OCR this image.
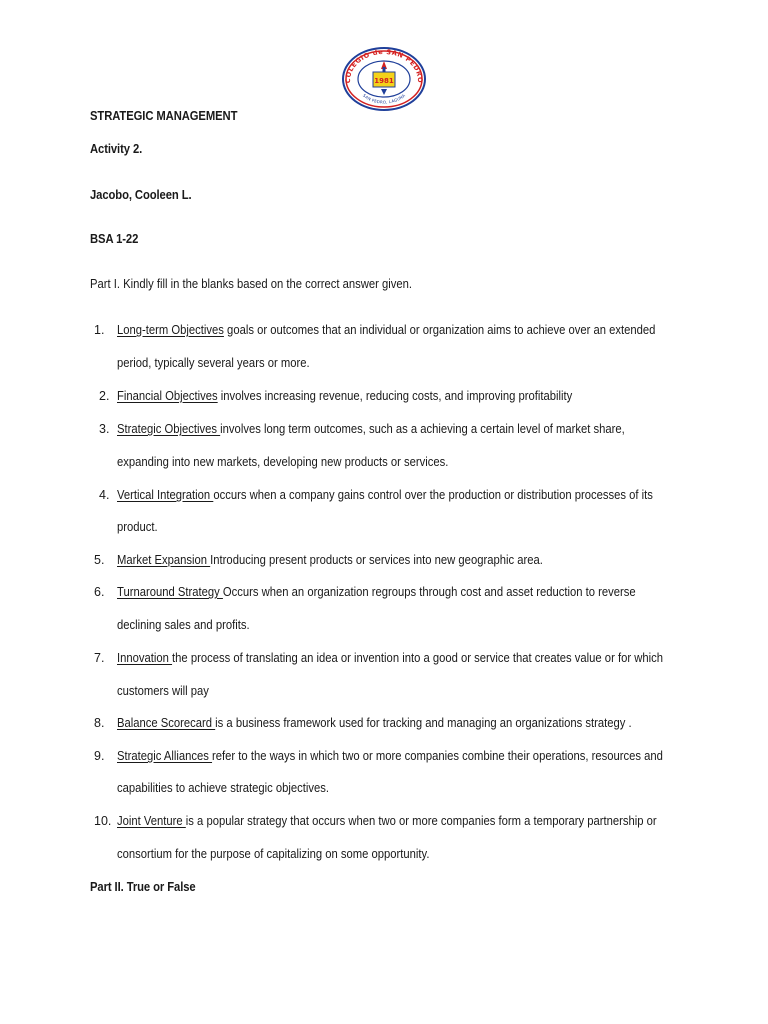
COLEGIO de SAN PEDRO
SAN PEDRO, LAGUNA
1981
STRATEGIC MANAGEMENT
Activity 2.
Jacobo, Cooleen L.
BSA 1-22
Part I. Kindly fill in the blanks based on the correct answer given.
1. Long-term Objectives goals or outcomes that an individual or organization aims to achieve over an extended
period, typically several years or more.
2. Financial Objectives involves increasing revenue, reducing costs, and improving profitability
3. Strategic Objectives involves long term outcomes, such as a achieving a certain level of market share,
expanding into new markets, developing new products or services.
4. Vertical Integration occurs when a company gains control over the production or distribution processes of its
product.
5. Market Expansion Introducing present products or services into new geographic area.
6. Turnaround Strategy Occurs when an organization regroups through cost and asset reduction to reverse
declining sales and profits.
7. Innovation the process of translating an idea or invention into a good or service that creates value or for which
customers will pay
8. Balance Scorecard is a business framework used for tracking and managing an organizations strategy .
9. Strategic Alliances refer to the ways in which two or more companies combine their operations, resources and
capabilities to achieve strategic objectives.
10. Joint Venture is a popular strategy that occurs when two or more companies form a temporary partnership or
consortium for the purpose of capitalizing on some opportunity.
Part II. True or False
